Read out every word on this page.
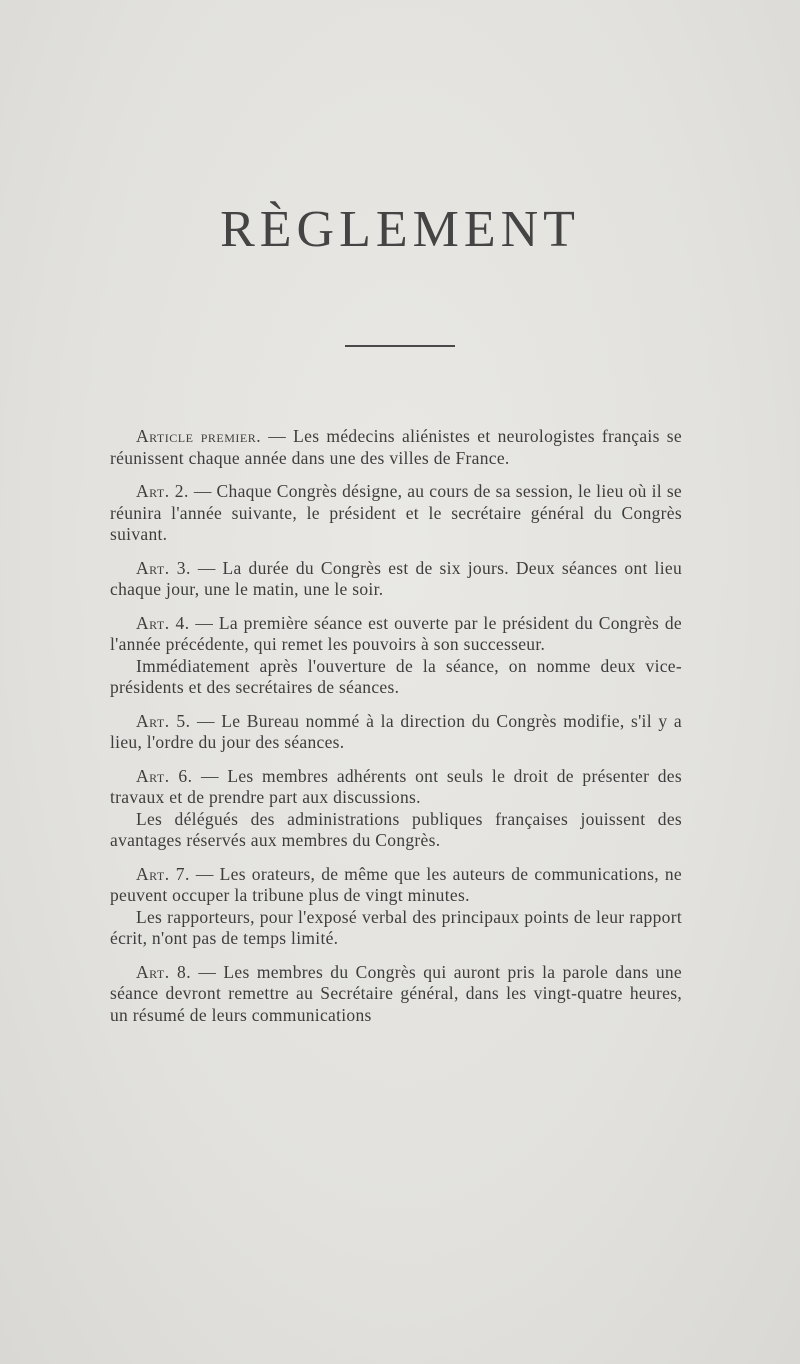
RÈGLEMENT

Article premier. — Les médecins aliénistes et neurologistes français se réunissent chaque année dans une des villes de France.

Art. 2. — Chaque Congrès désigne, au cours de sa session, le lieu où il se réunira l'année suivante, le président et le secrétaire général du Congrès suivant.

Art. 3. — La durée du Congrès est de six jours. Deux séances ont lieu chaque jour, une le matin, une le soir.

Art. 4. — La première séance est ouverte par le président du Congrès de l'année précédente, qui remet les pouvoirs à son successeur.

Immédiatement après l'ouverture de la séance, on nomme deux vice-présidents et des secrétaires de séances.

Art. 5. — Le Bureau nommé à la direction du Congrès modifie, s'il y a lieu, l'ordre du jour des séances.

Art. 6. — Les membres adhérents ont seuls le droit de présenter des travaux et de prendre part aux discussions.

Les délégués des administrations publiques françaises jouissent des avantages réservés aux membres du Congrès.

Art. 7. — Les orateurs, de même que les auteurs de communications, ne peuvent occuper la tribune plus de vingt minutes.

Les rapporteurs, pour l'exposé verbal des principaux points de leur rapport écrit, n'ont pas de temps limité.

Art. 8. — Les membres du Congrès qui auront pris la parole dans une séance devront remettre au Secrétaire général, dans les vingt-quatre heures, un résumé de leurs communications
